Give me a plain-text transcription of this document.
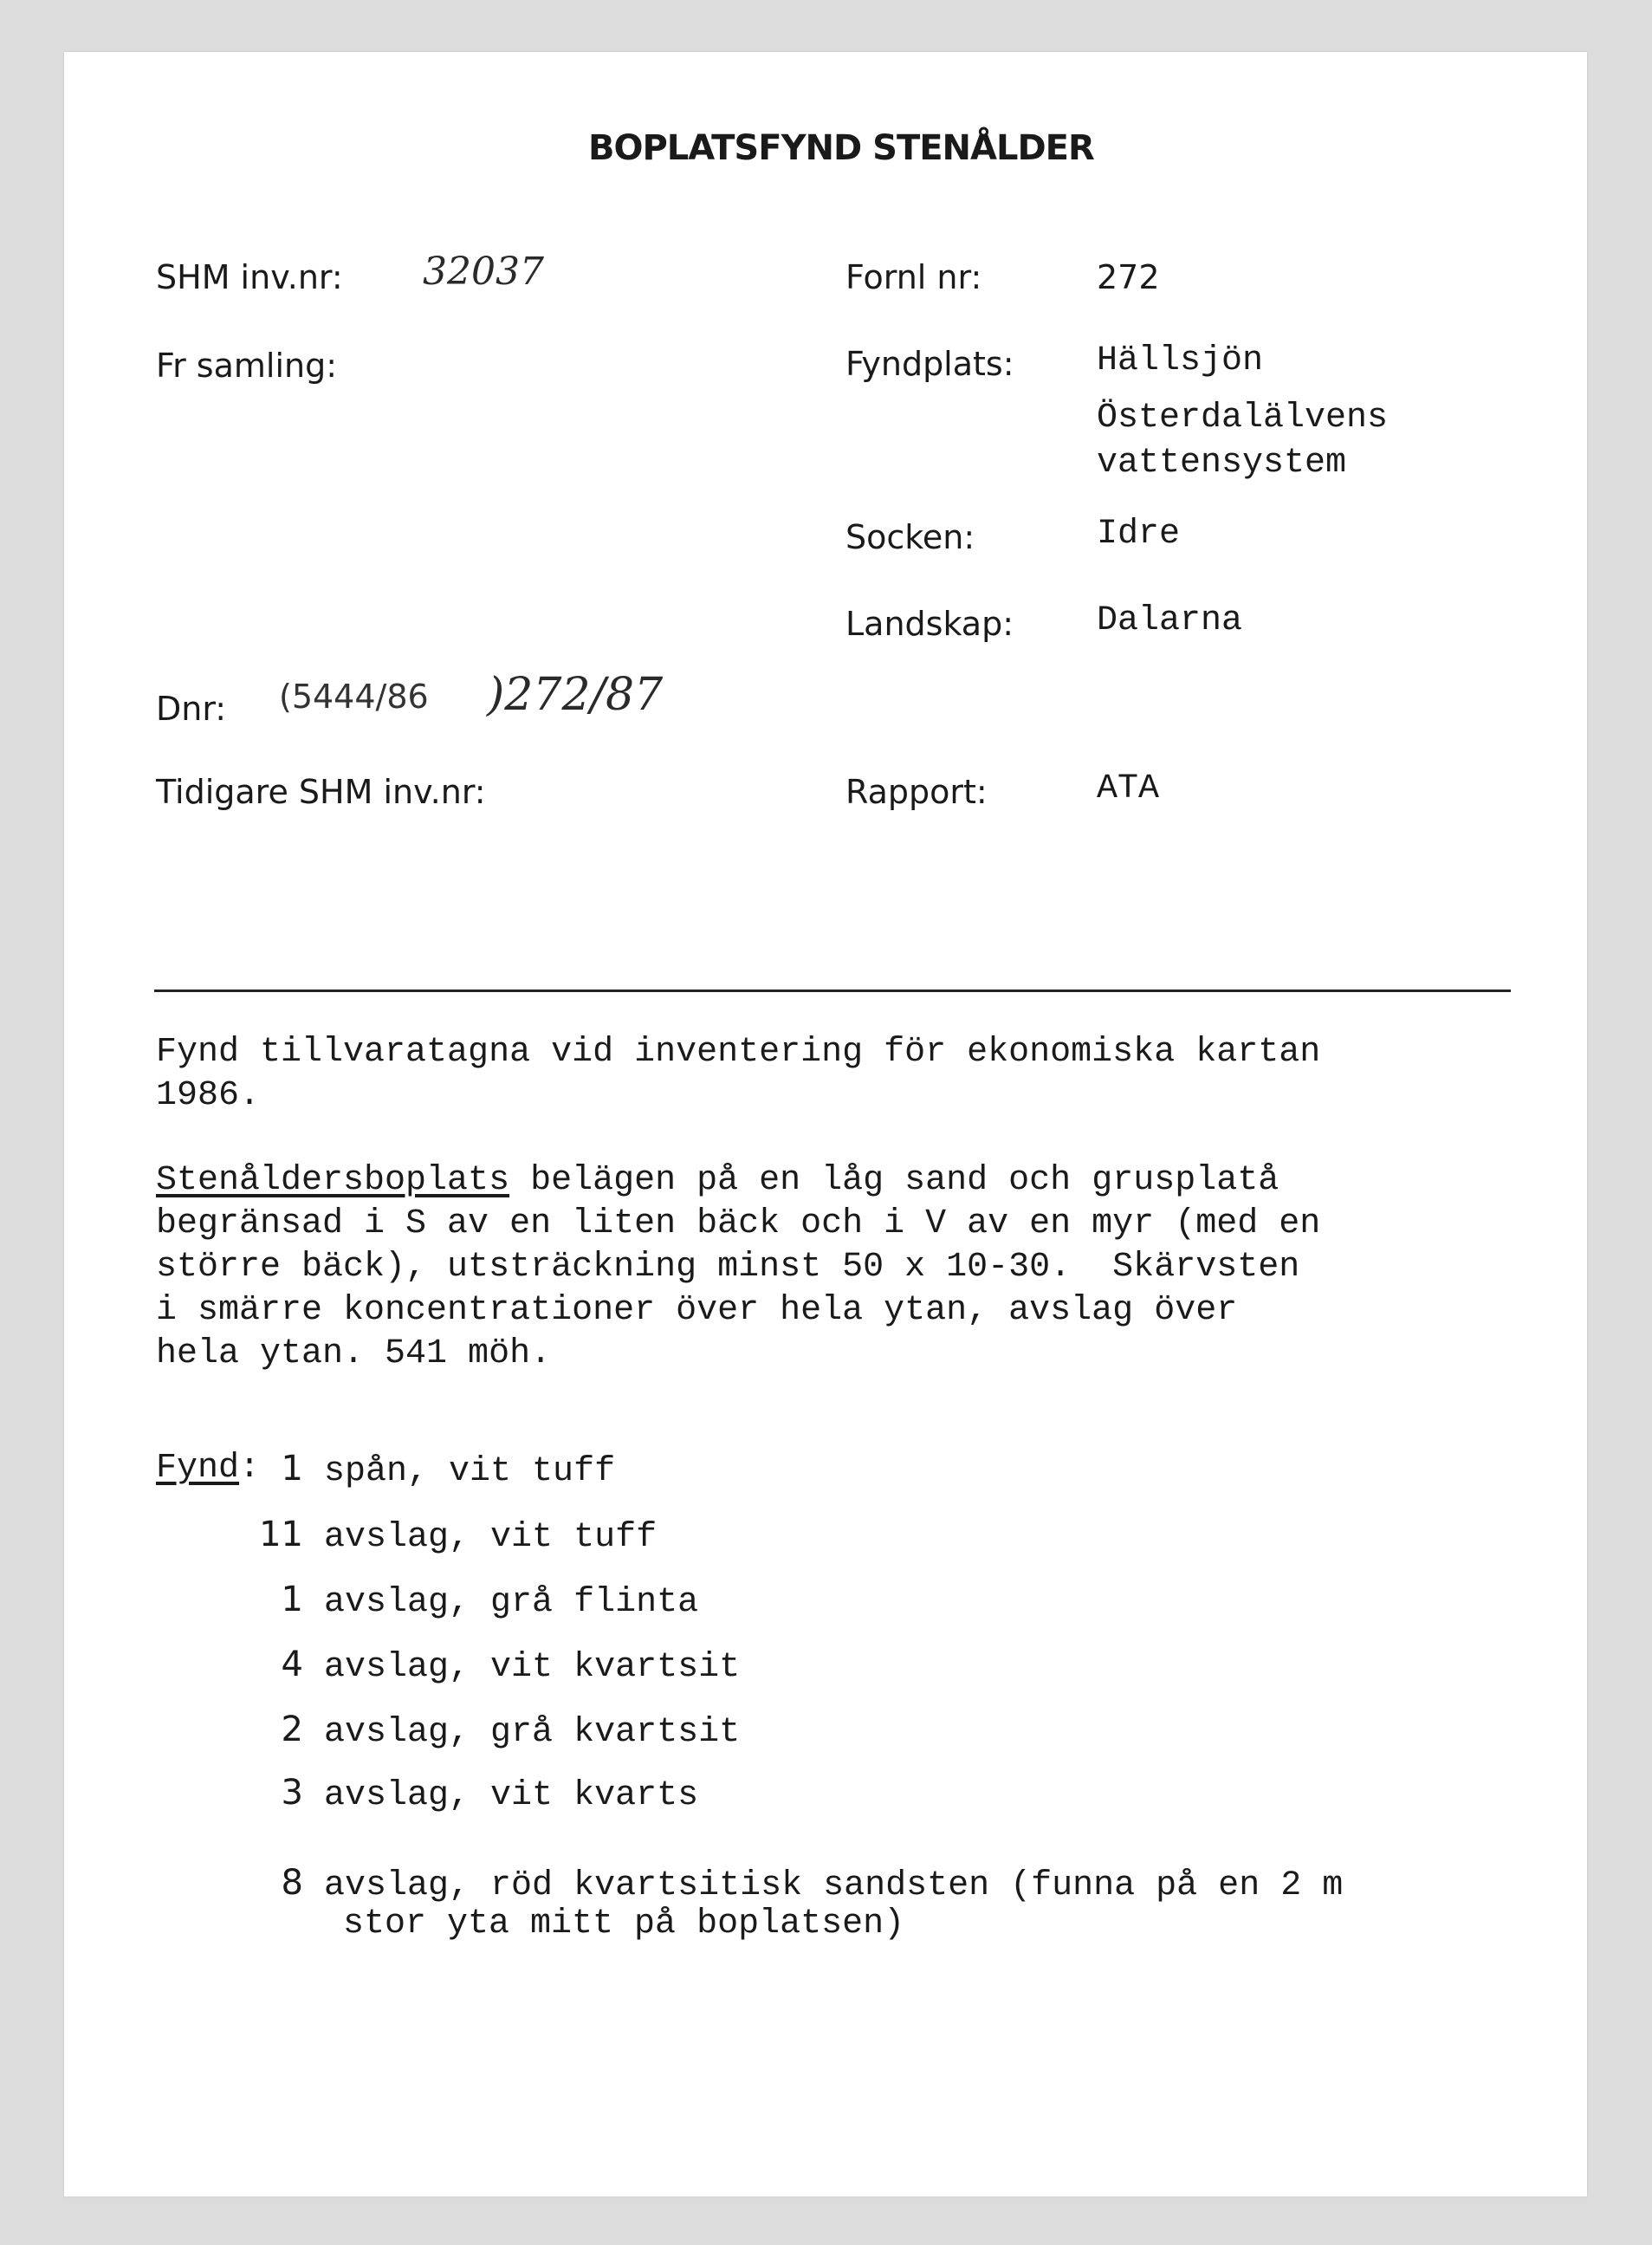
BOPLATSFYND STENÅLDER
SHM inv.nr: 32037
Fr samling:
Dnr: (5444/86 )272/87
Tidigare SHM inv.nr:
Fornl nr:	272
Fyndplats: Hällsjön
Österdalälvens
vattensystem
Socken:	Idre
Landskap: Dalarna
Rapport:	ATA
Fynd tillvaratagna vid inventering för ekonomiska kartan
1986.
Stenåldersboplats belägen på en låg sand och grusplatå
begränsad i S av en liten bäck och i V av en myr (med en
större bäck), utsträckning minst 50 x 10-30.  Skärvsten
i smärre koncentrationer över hela ytan, avslag över
hela ytan. 541 möh.
Fynd: 1 spån, vit tuff
11 avslag, vit tuff
1 avslag, grå flinta
4 avslag, vit kvartsit
2 avslag, grå kvartsit
3 avslag, vit kvarts
8 avslag, röd kvartsitisk sandsten (funna på en 2 m
stor yta mitt på boplatsen)
